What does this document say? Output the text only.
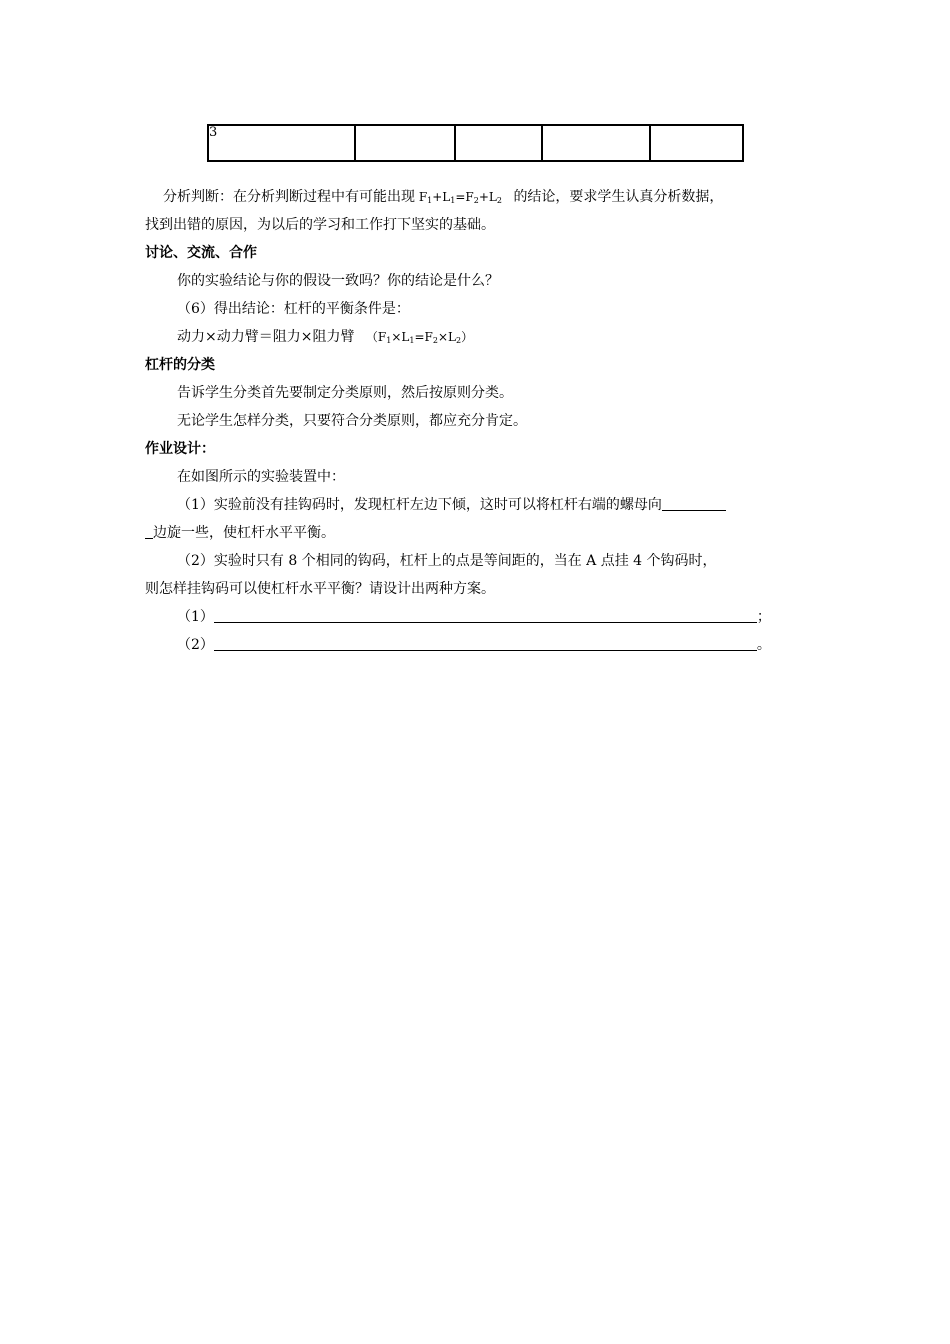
3				
分析判断：在分析判断过程中有可能出现 $F_1+L_1=F_2+L_2$ 的结论，要求学生认真分析数据，
找到出错的原因，为以后的学习和工作打下坚实的基础。
讨论、交流、合作
你的实验结论与你的假设一致吗？你的结论是什么？
（6）得出结论：杠杆的平衡条件是：
动力×动力臂＝阻力×阻力臂 $(F_1\times L_1=F_2\times L_2)$
杠杆的分类
告诉学生分类首先要制定分类原则，然后按原则分类。
无论学生怎样分类，只要符合分类原则，都应充分肯定。
作业设计：
在如图所示的实验装置中：
（1）实验前没有挂钩码时，发现杠杆左边下倾，这时可以将杠杆右端的螺母向
边旋一些，使杠杆水平平衡。
（2）实验时只有 8 个相同的钩码，杠杆上的点是等间距的，当在 A 点挂 4 个钩码时，
则怎样挂钩码可以使杠杆水平平衡？请设计出两种方案。
（1）	；
（2）	。
